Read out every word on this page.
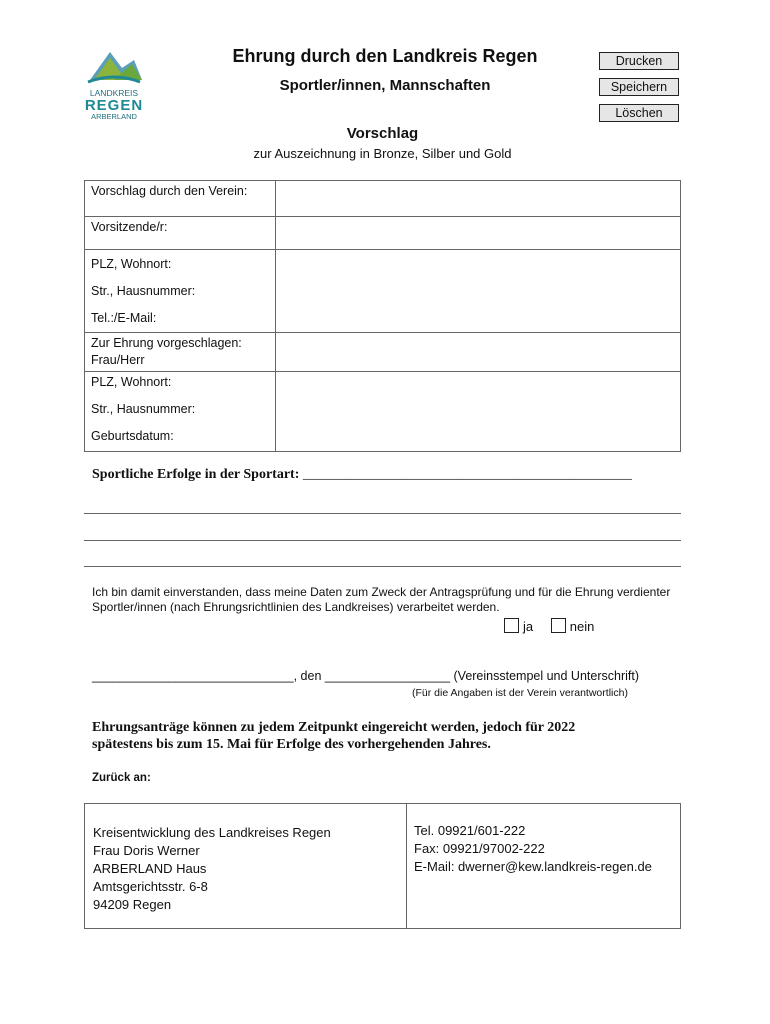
LANDKREIS
REGEN
ARBERLAND
Ehrung durch den Landkreis Regen
Sportler/innen, Mannschaften
Drucken
Speichern
Löschen
Vorschlag
zur Auszeichnung in Bronze, Silber und Gold
Vorschlag durch den Verein:	
Vorsitzende/r:	

PLZ, Wohnort:
Str., Hausnummer:
Tel.:/E-Mail:	

Zur Ehrung vorgeschlagen: Frau/Herr	

PLZ, Wohnort:
Str., Hausnummer:
Geburtsdatum:	

Sportliche Erfolge in der Sportart: _______________________________________________
Ich bin damit einverstanden, dass meine Daten zum Zweck der Antragsprüfung und für die Ehrung verdienter Sportler/innen (nach Ehrungsrichtlinien des Landkreises) verarbeitet werden.
ja	nein
_____________________________, den __________________ (Vereinsstempel und Unterschrift)
(Für die Angaben ist der Verein verantwortlich)
Ehrungsanträge können zu jedem Zeitpunkt eingereicht werden, jedoch für 2022 spätestens bis zum 15. Mai für Erfolge des vorhergehenden Jahres.
Zurück an:
Kreisentwicklung des Landkreises Regen
Frau Doris Werner
ARBERLAND Haus
Amtsgerichtsstr. 6-8
94209 Regen

Tel. 09921/601-222
Fax: 09921/97002-222
E-Mail: dwerner@kew.landkreis-regen.de
